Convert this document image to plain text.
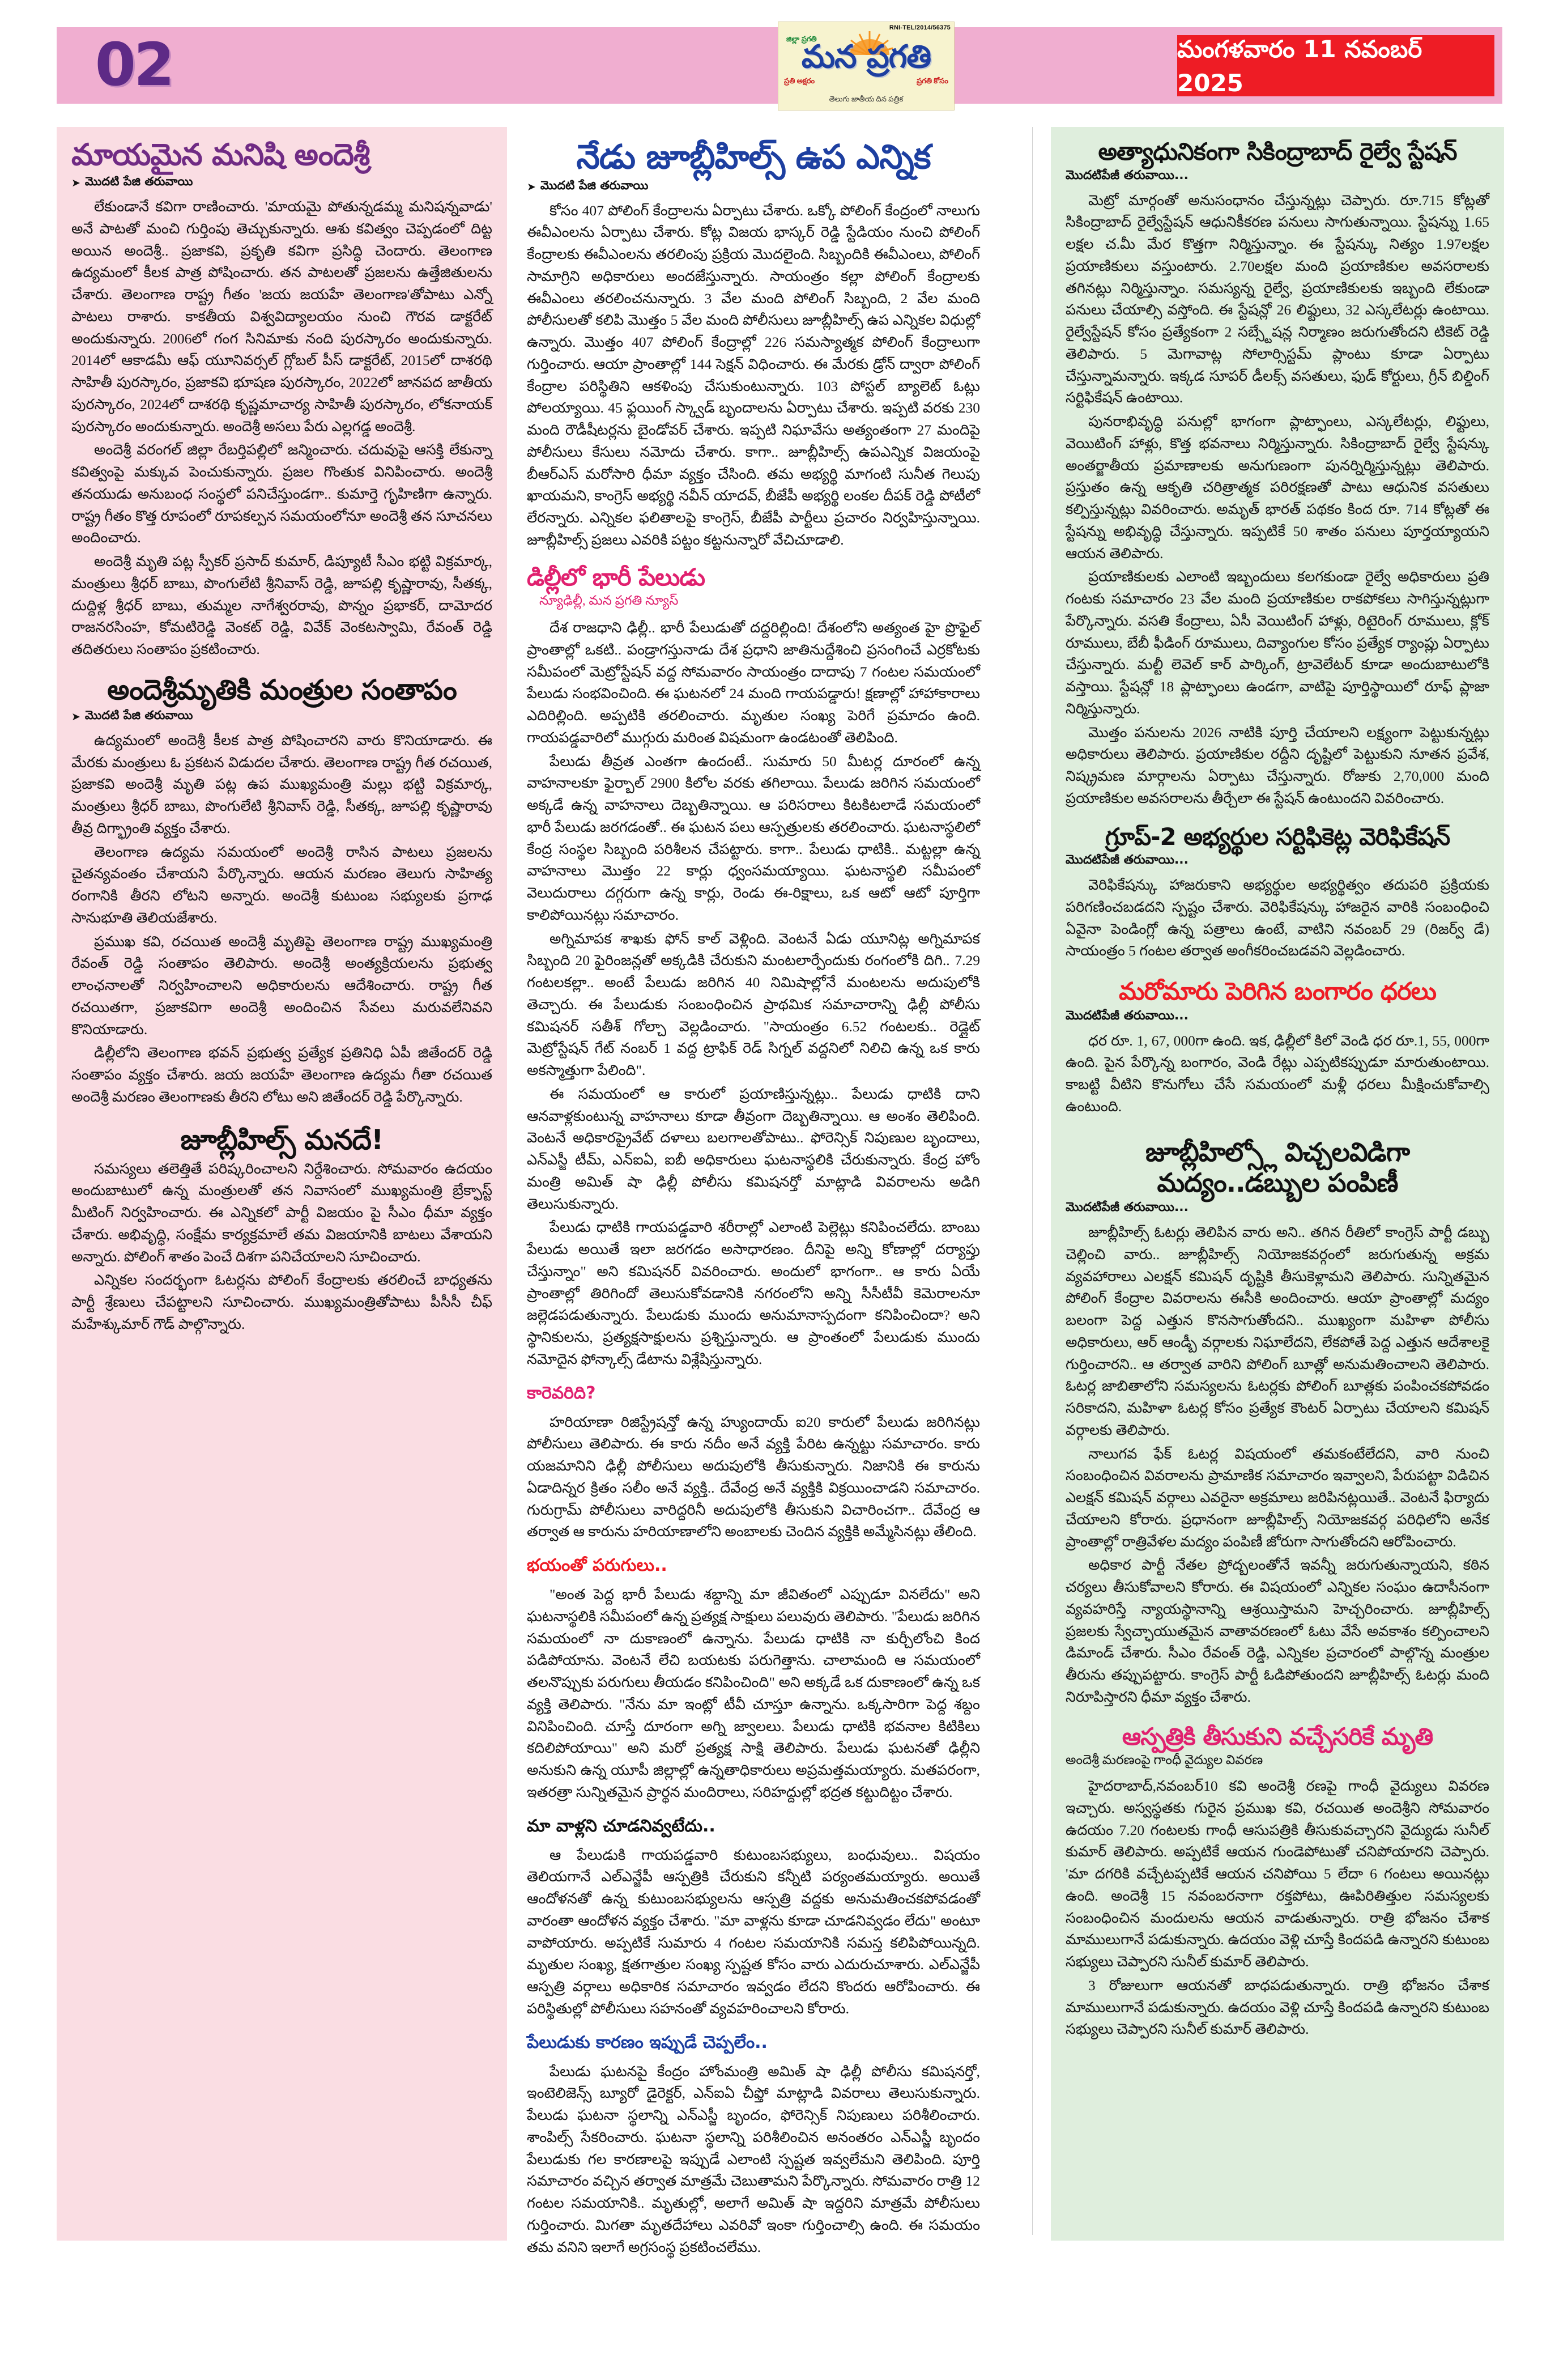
02
RNI-TEL/2014/56375
జిల్లా ప్రగతి
మన ప్రగతి
ప్రతి అక్షరం	ప్రగతి కోసం
తెలుగు జాతీయ దిన పత్రిక
మంగళవారం 11 నవంబర్ 2025
మాయమైన మనిషి అందెశ్రీ
➤ మొదటి పేజి తరువాయి

లేకుండానే కవిగా రాణించారు. 'మాయమై పోతున్నడమ్మ మనిషన్నవాడు' అనే పాటతో మంచి గుర్తింపు తెచ్చుకున్నారు. ఆశు కవిత్వం చెప్పడంలో దిట్ట అయిన అందెశ్రీ.. ప్రజాకవి, ప్రకృతి కవిగా ప్రసిద్ధి చెందారు. తెలంగాణ ఉద్యమంలో కీలక పాత్ర పోషించారు. తన పాటలతో ప్రజలను ఉత్తేజితులను చేశారు. తెలంగాణ రాష్ట్ర గీతం 'జయ జయహే తెలంగాణ'తోపాటు ఎన్నో పాటలు రాశారు. కాకతీయ విశ్వవిద్యాలయం నుంచి గౌరవ డాక్టరేట్ అందుకున్నారు. 2006లో గంగ సినిమాకు నంది పురస్కారం అందుకున్నారు. 2014లో ఆకాడమీ ఆఫ్ యూనివర్సల్ గ్లోబల్ పీస్ డాక్టరేట్, 2015లో దాశరథి సాహితీ పురస్కారం, ప్రజాకవి భూషణ పురస్కారం, 2022లో జానపద జాతీయ పురస్కారం, 2024లో దాశరథి కృష్ణమాచార్య సాహితీ పురస్కారం, లోకనాయక్ పురస్కారం అందుకున్నారు. అందెశ్రీ అసలు పేరు ఎల్లగడ్డ అందెశ్రీ.

అందెశ్రీ వరంగల్ జిల్లా రేబర్తిపల్లిలో జన్మించారు. చదువుపై ఆసక్తి లేకున్నా కవిత్వంపై మక్కువ పెంచుకున్నారు. ప్రజల గొంతుక వినిపించారు. అందెశ్రీ తనయుడు అనుబంధ సంస్థలో పనిచేస్తుండగా.. కుమార్తె గృహిణిగా ఉన్నారు. రాష్ట్ర గీతం కొత్త రూపంలో రూపకల్పన సమయంలోనూ అందెశ్రీ తన సూచనలు అందించారు.

అందెశ్రీ మృతి పట్ల స్పీకర్ ప్రసాద్ కుమార్, డిప్యూటీ సీఎం భట్టి విక్రమార్క, మంత్రులు శ్రీధర్ బాబు, పొంగులేటి శ్రీనివాస్ రెడ్డి, జూపల్లి కృష్ణారావు, సీతక్క, దుద్దిళ్ల శ్రీధర్ బాబు, తుమ్మల నాగేశ్వరరావు, పొన్నం ప్రభాకర్, దామోదర రాజనరసింహ, కోమటిరెడ్డి వెంకట్ రెడ్డి, వివేక్ వెంకటస్వామి, రేవంత్ రెడ్డి తదితరులు సంతాపం ప్రకటించారు.

అందెశ్రీమృతికి మంత్రుల సంతాపం
➤ మొదటి పేజి తరువాయి

ఉద్యమంలో అందెశ్రీ కీలక పాత్ర పోషించారని వారు కొనియాడారు. ఈ మేరకు మంత్రులు ఓ ప్రకటన విడుదల చేశారు. తెలంగాణ రాష్ట్ర గీత రచయిత, ప్రజాకవి అందెశ్రీ మృతి పట్ల ఉప ముఖ్యమంత్రి మల్లు భట్టి విక్రమార్క, మంత్రులు శ్రీధర్ బాబు, పొంగులేటి శ్రీనివాస్ రెడ్డి, సీతక్క, జూపల్లి కృష్ణారావు తీవ్ర దిగ్భ్రాంతి వ్యక్తం చేశారు.

తెలంగాణ ఉద్యమ సమయంలో అందెశ్రీ రాసిన పాటలు ప్రజలను చైతన్యవంతం చేశాయని పేర్కొన్నారు. ఆయన మరణం తెలుగు సాహిత్య రంగానికి తీరని లోటని అన్నారు. అందెశ్రీ కుటుంబ సభ్యులకు ప్రగాఢ సానుభూతి తెలియజేశారు.

ప్రముఖ కవి, రచయిత అందెశ్రీ మృతిపై తెలంగాణ రాష్ట్ర ముఖ్యమంత్రి రేవంత్ రెడ్డి సంతాపం తెలిపారు. అందెశ్రీ అంత్యక్రియలను ప్రభుత్వ లాంఛనాలతో నిర్వహించాలని అధికారులను ఆదేశించారు. రాష్ట్ర గీత రచయితగా, ప్రజాకవిగా అందెశ్రీ అందించిన సేవలు మరువలేనివని కొనియాడారు.

డిల్లీలోని తెలంగాణ భవన్ ప్రభుత్వ ప్రత్యేక ప్రతినిధి ఏపీ జితేందర్ రెడ్డి సంతాపం వ్యక్తం చేశారు. జయ జయహే తెలంగాణ ఉద్యమ గీతా రచయిత అందెశ్రీ మరణం తెలంగాణకు తీరని లోటు అని జితేందర్ రెడ్డి పేర్కొన్నారు.

జూబ్లీహిల్స్ మనదే!

సమస్యలు తలెత్తితే పరిష్కరించాలని నిర్దేశించారు. సోమవారం ఉదయం అందుబాటులో ఉన్న మంత్రులతో తన నివాసంలో ముఖ్యమంత్రి బ్రేక్ఫాస్ట్ మీటింగ్ నిర్వహించారు. ఈ ఎన్నికలో పార్టీ విజయం పై సీఎం ధీమా వ్యక్తం చేశారు. అభివృద్ధి, సంక్షేమ కార్యక్రమాలే తమ విజయానికి బాటలు వేశాయని అన్నారు. పోలింగ్ శాతం పెంచే దిశగా పనిచేయాలని సూచించారు.

ఎన్నికల సందర్భంగా ఓటర్లను పోలింగ్ కేంద్రాలకు తరలించే బాధ్యతను పార్టీ శ్రేణులు చేపట్టాలని సూచించారు. ముఖ్యమంత్రితోపాటు పీసీసీ చీఫ్ మహేశ్కుమార్ గౌడ్ పాల్గొన్నారు.

నేడు జూబ్లీహిల్స్ ఉప ఎన్నిక
➤ మొదటి పేజి తరువాయి

కోసం 407 పోలింగ్ కేంద్రాలను ఏర్పాటు చేశారు. ఒక్కో పోలింగ్ కేంద్రంలో నాలుగు ఈవీఎంలను ఏర్పాటు చేశారు. కోట్ల విజయ భాస్కర్ రెడ్డి స్టేడియం నుంచి పోలింగ్ కేంద్రాలకు ఈవీఎంలను తరలింపు ప్రక్రియ మొదలైంది. సిబ్బందికి ఈవీఎంలు, పోలింగ్ సామాగ్రిని అధికారులు అందజేస్తున్నారు. సాయంత్రం కల్లా పోలింగ్ కేంద్రాలకు ఈవీఎంలు తరలించనున్నారు. 3 వేల మంది పోలింగ్ సిబ్బంది, 2 వేల మంది పోలీసులతో కలిపి మొత్తం 5 వేల మంది పోలీసులు జూబ్లీహిల్స్ ఉప ఎన్నికల విధుల్లో ఉన్నారు. మొత్తం 407 పోలింగ్ కేంద్రాల్లో 226 సమస్యాత్మక పోలింగ్ కేంద్రాలుగా గుర్తించారు. ఆయా ప్రాంతాల్లో 144 సెక్షన్ విధించారు. ఈ మేరకు డ్రోన్ ద్వారా పోలింగ్ కేంద్రాల పరిస్థితిని ఆకళింపు చేసుకుంటున్నారు. 103 పోస్టల్ బ్యాలెట్ ఓట్లు పోలయ్యాయి. 45 ఫ్లయింగ్ స్క్వాడ్ బృందాలను ఏర్పాటు చేశారు. ఇప్పటి వరకు 230 మంది రౌడీషీటర్లను బైండోవర్ చేశారు. ఇప్పటి నిఘావేసు అత్యంతంగా 27 మందిపై పోలీసులు కేసులు నమోదు చేశారు. కాగా.. జూబ్లీహిల్స్ ఉపఎన్నిక విజయంపై బీఆర్ఎస్ మరోసారి ధీమా వ్యక్తం చేసింది. తమ అభ్యర్థి మాగంటి సునీత గెలుపు ఖాయమని, కాంగ్రెస్ అభ్యర్థి నవీన్ యాదవ్, బీజేపీ అభ్యర్థి లంకల దీపక్ రెడ్డి పోటీలో లేరన్నారు. ఎన్నికల ఫలితాలపై కాంగ్రెస్, బీజేపీ పార్టీలు ప్రచారం నిర్వహిస్తున్నాయి. జూబ్లీహిల్స్ ప్రజలు ఎవరికి పట్టం కట్టనున్నారో వేచిచూడాలి.

డిల్లీలో భారీ పేలుడు
న్యూఢిల్లీ, మన ప్రగతి న్యూస్

దేశ రాజధాని ఢిల్లీ.. భారీ పేలుడుతో దద్దరిల్లింది! దేశంలోని అత్యంత హై ప్రొఫైల్ ప్రాంతాల్లో ఒకటి.. పండ్రాగస్తునాడు దేశ ప్రధాని జాతినుద్దేశించి ప్రసంగించే ఎర్రకోటకు సమీపంలో మెట్రోస్టేషన్ వద్ద సోమవారం సాయంత్రం దాదాపు 7 గంటల సమయంలో పేలుడు సంభవించింది. ఈ ఘటనలో 24 మంది గాయపడ్డారు! క్షణాల్లో హాహాకారాలు ఎదిరిల్లింది. అప్పటికి తరలించారు. మృతుల సంఖ్య పెరిగే ప్రమాదం ఉంది. గాయపడ్డవారిలో ముగ్గురు మరింత విషమంగా ఉండటంతో తెలిపింది.

పేలుడు తీవ్రత ఎంతగా ఉందంటే.. సుమారు 50 మీటర్ల దూరంలో ఉన్న వాహనాలకూ ఫైర్బాల్ 2900 కిలోల వరకు తగిలాయి. పేలుడు జరిగిన సమయంలో అక్కడే ఉన్న వాహనాలు దెబ్బతిన్నాయి. ఆ పరిసరాలు కిటకిటలాడే సమయంలో భారీ పేలుడు జరగడంతో.. ఈ ఘటన పలు ఆస్పత్రులకు తరలించారు. ఘటనాస్థలిలో కేంద్ర సంస్థల సిబ్బంది పరిశీలన చేపట్టారు. కాగా.. పేలుడు ధాటికి.. మట్టల్లా ఉన్న వాహనాలు మొత్తం 22 కార్లు ధ్వంసమయ్యాయి. ఘటనాస్థలి సమీపంలో వెలుదురాలు దగ్గరుగా ఉన్న కార్లు, రెండు ఈ-రిక్షాలు, ఒక ఆటో ఆటో పూర్తిగా కాలిపోయినట్లు సమాచారం.

అగ్నిమాపక శాఖకు ఫోన్ కాల్ వెళ్లింది. వెంటనే ఏడు యూనిట్ల అగ్నిమాపక సిబ్బంది 20 ఫైరింజన్లతో అక్కడికి చేరుకుని మంటలార్పేందుకు రంగంలోకి దిగి.. 7.29 గంటలకల్లా.. అంటే పేలుడు జరిగిన 40 నిమిషాల్లోనే మంటలను అదుపులోకి తెచ్చారు. ఈ పేలుడుకు సంబంధించిన ప్రాథమిక సమాచారాన్ని ఢిల్లీ పోలీసు కమిషనర్ సతీశ్ గోల్చా వెల్లడించారు. "సాయంత్రం 6.52 గంటలకు.. రెడ్లైట్ మెట్రోస్టేషన్ గేట్ నంబర్ 1 వద్ద ట్రాఫిక్ రెడ్ సిగ్నల్ వద్దనిలో నిలిచి ఉన్న ఒక కారు అకస్మాత్తుగా పేలింది".

ఈ సమయంలో ఆ కారులో ప్రయాణిస్తున్నట్లు.. పేలుడు ధాటికి దాని ఆనవాళ్లకుంటున్న వాహనాలు కూడా తీవ్రంగా దెబ్బతిన్నాయి. ఆ అంశం తెలిపింది. వెంటనే అధికారప్రైవేట్ దళాలు బలగాలతోపాటు.. ఫోరెన్సిక్ నిపుణుల బృందాలు, ఎన్ఎస్జీ టీమ్, ఎన్ఐఏ, ఐబీ అధికారులు ఘటనాస్థలికి చేరుకున్నారు. కేంద్ర హోం మంత్రి అమిత్ షా ఢిల్లీ పోలీసు కమిషనర్తో మాట్లాడి వివరాలను అడిగి తెలుసుకున్నారు.

పేలుడు ధాటికి గాయపడ్డవారి శరీరాల్లో ఎలాంటి పెల్లెట్లు కనిపించలేదు. బాంబు పేలుడు అయితే ఇలా జరగడం అసాధారణం. దీనిపై అన్ని కోణాల్లో దర్యాప్తు చేస్తున్నాం" అని కమిషనర్ వివరించారు. అందులో భాగంగా.. ఆ కారు ఏయే ప్రాంతాల్లో తిరిగిందో తెలుసుకోవడానికి నగరంలోని అన్ని సీసీటీవీ కెమెరాలనూ జల్లెడపడుతున్నారు. పేలుడుకు ముందు అనుమానాస్పదంగా కనిపించిందా? అని స్థానికులను, ప్రత్యక్షసాక్షులను ప్రశ్నిస్తున్నారు. ఆ ప్రాంతంలో పేలుడుకు ముందు నమోదైన ఫోన్కాల్స్ డేటాను విశ్లేషిస్తున్నారు.

కారెవరిది?

హరియాణా రిజిస్ట్రేషన్తో ఉన్న హ్యుందాయ్ ఐ20 కారులో పేలుడు జరిగినట్లు పోలీసులు తెలిపారు. ఈ కారు నదీం అనే వ్యక్తి పేరిట ఉన్నట్టు సమాచారం. కారు యజమానిని ఢిల్లీ పోలీసులు అదుపులోకి తీసుకున్నారు. నిజానికి ఈ కారును ఏడాదిన్నర క్రితం సలీం అనే వ్యక్తి.. దేవేంద్ర అనే వ్యక్తికి విక్రయించాడని సమాచారం. గురుగ్రామ్ పోలీసులు వారిద్దరినీ అదుపులోకి తీసుకుని విచారించగా.. దేవేంద్ర ఆ తర్వాత ఆ కారును హరియాణాలోని అంబాలకు చెందిన వ్యక్తికి అమ్మేసినట్లు తేలింది.

భయంతో పరుగులు..

"అంత పెద్ద భారీ పేలుడు శబ్దాన్ని మా జీవితంలో ఎప్పుడూ వినలేదు" అని ఘటనాస్థలికి సమీపంలో ఉన్న ప్రత్యక్ష సాక్షులు పలువురు తెలిపారు. "పేలుడు జరిగిన సమయంలో నా దుకాణంలో ఉన్నాను. పేలుడు ధాటికి నా కుర్చీలోంచి కింద పడిపోయాను. వెంటనే లేచి బయటకు పరుగెత్తాను. చాలామంది ఆ సమయంలో తలనొప్పుకు పరుగులు తీయడం కనిపించింది" అని అక్కడే ఒక దుకాణంలో ఉన్న ఒక వ్యక్తి తెలిపారు. "నేను మా ఇంట్లో టీవీ చూస్తూ ఉన్నాను. ఒక్కసారిగా పెద్ద శబ్దం వినిపించింది. చూస్తే దూరంగా అగ్ని జ్వాలలు. పేలుడు ధాటికి భవనాల కిటికిలు కదిలిపోయాయి" అని మరో ప్రత్యక్ష సాక్షి తెలిపారు. పేలుడు ఘటనతో ఢిల్లీని అనుకుని ఉన్న యూపీ జిల్లాల్లో ఉన్నతాధికారులు అప్రమత్తమయ్యారు. మతపరంగా, ఇతరత్రా సున్నితమైన ప్రార్థన మందిరాలు, సరిహద్దుల్లో భద్రత కట్టుదిట్టం చేశారు.

మా వాళ్లని చూడనివ్వటేదు..

ఆ పేలుడుకి గాయపడ్డవారి కుటుంబసభ్యులు, బంధువులు.. విషయం తెలియగానే ఎల్ఎన్జేపీ ఆస్పత్రికి చేరుకుని కన్నీటి పర్యంతమయ్యారు. అయితే ఆందోళనతో ఉన్న కుటుంబసభ్యులను ఆస్పత్రి వద్దకు అనుమతించకపోవడంతో వారంతా ఆందోళన వ్యక్తం చేశారు. "మా వాళ్లను కూడా చూడనివ్వడం లేదు" అంటూ వాపోయారు. అప్పటికే సుమారు 4 గంటల సమయానికి సమస్త కలిపిపోయిన్నది. మృతుల సంఖ్య, క్షతగాత్రుల సంఖ్య స్పష్టత కోసం వారు ఎదురుచూశారు. ఎల్ఎన్జేపీ ఆస్పత్రి వర్గాలు అధికారిక సమాచారం ఇవ్వడం లేదని కొందరు ఆరోపించారు. ఈ పరిస్థితుల్లో పోలీసులు సహనంతో వ్యవహరించాలని కోరారు.

పేలుడుకు కారణం ఇప్పుడే చెప్పలేం..

పేలుడు ఘటనపై కేంద్రం హోంమంత్రి అమిత్ షా ఢిల్లీ పోలీసు కమిషనర్తో, ఇంటెలిజెన్స్ బ్యూరో డైరెక్టర్, ఎన్ఐఏ చీఫ్తో మాట్లాడి వివరాలు తెలుసుకున్నారు. పేలుడు ఘటనా స్థలాన్ని ఎన్ఎస్జీ బృందం, ఫోరెన్సిక్ నిపుణులు పరిశీలించారు. శాంపిల్స్ సేకరించారు. ఘటనా స్థలాన్ని పరిశీలించిన అనంతరం ఎన్ఎస్జీ బృందం పేలుడుకు గల కారణాలపై ఇప్పుడే ఎలాంటి స్పష్టత ఇవ్వలేమని తెలిపింది. పూర్తి సమాచారం వచ్చిన తర్వాత మాత్రమే చెబుతామని పేర్కొన్నారు. సోమవారం రాత్రి 12 గంటల సమయానికి.. మృతుల్లో, అలాగే అమిత్ షా ఇద్దరిని మాత్రమే పోలీసులు గుర్తించారు. మిగతా మృతదేహాలు ఎవరివో ఇంకా గుర్తించాల్సి ఉంది. ఈ సమయం తమ వనిని ఇలాగే అగ్రసంస్థ ప్రకటించలేము.

అత్యాధునికంగా సికింద్రాబాద్ రైల్వే స్టేషన్
మొదటిపేజీ తరువాయి...

మెట్రో మార్గంతో అనుసంధానం చేస్తున్నట్లు చెప్పారు. రూ.715 కోట్లతో సికింద్రాబాద్ రైల్వేస్టేషన్ ఆధునికీకరణ పనులు సాగుతున్నాయి. స్టేషన్ను 1.65 లక్షల చ.మీ మేర కొత్తగా నిర్మిస్తున్నాం. ఈ స్టేషన్కు నిత్యం 1.97లక్షల ప్రయాణికులు వస్తుంటారు. 2.70లక్షల మంది ప్రయాణికుల అవసరాలకు తగినట్లు నిర్మిస్తున్నాం. సమస్యన్న రైల్వే, ప్రయాణికులకు ఇబ్బంది లేకుండా పనులు చేయాల్సి వస్తోంది. ఈ స్టేషన్లో 26 లిఫ్టులు, 32 ఎస్కలేటర్లు ఉంటాయి. రైల్వేస్టేషన్ కోసం ప్రత్యేకంగా 2 సబ్స్టేషన్ల నిర్మాణం జరుగుతోందని టికెట్ రెడ్డి తెలిపారు. 5 మెగావాట్ల సోలార్సిస్టమ్ ప్లాంటు కూడా ఏర్పాటు చేస్తున్నామన్నారు. ఇక్కడ సూపర్ డీలక్స్ వసతులు, ఫుడ్ కోర్టులు, గ్రీన్ బిల్డింగ్ సర్టిఫికేషన్ ఉంటాయి.

పునరాభివృద్ధి పనుల్లో భాగంగా ప్లాట్ఫాంలు, ఎస్కలేటర్లు, లిఫ్టులు, వెయిటింగ్ హాళ్లు, కొత్త భవనాలు నిర్మిస్తున్నారు. సికింద్రాబాద్ రైల్వే స్టేషన్కు అంతర్జాతీయ ప్రమాణాలకు అనుగుణంగా పునర్నిర్మిస్తున్నట్లు తెలిపారు. ప్రస్తుతం ఉన్న ఆకృతి చరిత్రాత్మక పరిరక్షణతో పాటు ఆధునిక వసతులు కల్పిస్తున్నట్లు వివరించారు. అమృత్ భారత్ పథకం కింద రూ. 714 కోట్లతో ఈ స్టేషన్ను అభివృద్ధి చేస్తున్నారు. ఇప్పటికే 50 శాతం పనులు పూర్తయ్యాయని ఆయన తెలిపారు.

ప్రయాణికులకు ఎలాంటి ఇబ్బందులు కలగకుండా రైల్వే అధికారులు ప్రతి గంటకు సమాచారం 23 వేల మంది ప్రయాణికుల రాకపోకలు సాగిస్తున్నట్లుగా పేర్కొన్నారు. వసతి కేంద్రాలు, ఏసీ వెయిటింగ్ హాళ్లు, రిటైరింగ్ రూములు, క్లోక్ రూములు, బేబీ ఫీడింగ్ రూములు, దివ్యాంగుల కోసం ప్రత్యేక ర్యాంప్లు ఏర్పాటు చేస్తున్నారు. మల్టీ లెవెల్ కార్ పార్కింగ్, ట్రావెలేటర్ కూడా అందుబాటులోకి వస్తాయి. స్టేషన్లో 18 ప్లాట్ఫాంలు ఉండగా, వాటిపై పూర్తిస్థాయిలో రూఫ్ ప్లాజా నిర్మిస్తున్నారు.

మొత్తం పనులను 2026 నాటికి పూర్తి చేయాలని లక్ష్యంగా పెట్టుకున్నట్లు అధికారులు తెలిపారు. ప్రయాణికుల రద్దీని దృష్టిలో పెట్టుకుని నూతన ప్రవేశ, నిష్క్రమణ మార్గాలను ఏర్పాటు చేస్తున్నారు. రోజుకు 2,70,000 మంది ప్రయాణికుల అవసరాలను తీర్చేలా ఈ స్టేషన్ ఉంటుందని వివరించారు.

గ్రూప్-2 అభ్యర్థుల సర్టిఫికెట్ల వెరిఫికేషన్
మొదటిపేజీ తరువాయి...

వెరిఫికేషన్కు హాజరుకాని అభ్యర్థుల అభ్యర్థిత్వం తదుపరి ప్రక్రియకు పరిగణించబడదని స్పష్టం చేశారు. వెరిఫికేషన్కు హాజరైన వారికి సంబంధించి ఏవైనా పెండింగ్లో ఉన్న పత్రాలు ఉంటే, వాటిని నవంబర్ 29 (రిజర్వ్ డే) సాయంత్రం 5 గంటల తర్వాత అంగీకరించబడవని వెల్లడించారు.

మరోమారు పెరిగిన బంగారం ధరలు
మొదటిపేజీ తరువాయి...

ధర రూ. 1, 67, 000గా ఉంది. ఇక, ఢిల్లీలో కిలో వెండి ధర రూ.1, 55, 000గా ఉంది. పైన పేర్కొన్న బంగారం, వెండి రేట్లు ఎప్పటికప్పుడూ మారుతుంటాయి. కాబట్టి వీటిని కొనుగోలు చేసే సమయంలో మళ్లీ ధరలు మీక్షించుకోవాల్సి ఉంటుంది.

జూబ్లీహిల్స్లో విచ్చలవిడిగా
మద్యం..డబ్బుల పంపిణీ
మొదటిపేజీ తరువాయి...

జూబ్లీహిల్స్ ఓటర్లు తెలిపిన వారు అని.. తగిన రీతిలో కాంగ్రెస్ పార్టీ డబ్బు చెల్లించి వారు.. జూబ్లీహిల్స్ నియోజకవర్గంలో జరుగుతున్న అక్రమ వ్యవహారాలు ఎలక్షన్ కమిషన్ దృష్టికి తీసుకెళ్లామని తెలిపారు. సున్నితమైన పోలింగ్ కేంద్రాల వివరాలను ఈసీకి అందించారు. ఆయా ప్రాంతాల్లో మద్యం బలంగా పెద్ద ఎత్తున కొనసాగుతోందని.. ముఖ్యంగా మహిళా పోలీసు అధికారులు, ఆర్ ఆండ్బీ వర్గాలకు నిఘాలేదని, లేకపోతే పెద్ద ఎత్తున ఆదేశాలకై గుర్తించారని.. ఆ తర్వాత వారిని పోలింగ్ బూత్లో అనుమతించాలని తెలిపారు. ఓటర్ల జాబితాలోని సమస్యలను ఓటర్లకు పోలింగ్ బూత్లకు పంపించకపోవడం సరికాదని, మహిళా ఓటర్ల కోసం ప్రత్యేక కౌంటర్ ఏర్పాటు చేయాలని కమిషన్ వర్గాలకు తెలిపారు.

నాలుగవ ఫేక్ ఓటర్ల విషయంలో తమకంటేలేదని, వారి నుంచి సంబంధించిన వివరాలను ప్రామాణిక సమాచారం ఇవ్వాలని, పేరుపట్టా విడిచిన ఎలక్షన్ కమిషన్ వర్గాలు ఎవరైనా అక్రమాలు జరిపినట్లయితే.. వెంటనే ఫిర్యాదు చేయాలని కోరారు. ప్రధానంగా జూబ్లీహిల్స్ నియోజకవర్గ పరిధిలోని అనేక ప్రాంతాల్లో రాత్రివేళల మద్యం పంపిణీ జోరుగా సాగుతోందని ఆరోపించారు.

అధికార పార్టీ నేతల ప్రోద్బలంతోనే ఇవన్నీ జరుగుతున్నాయని, కఠిన చర్యలు తీసుకోవాలని కోరారు. ఈ విషయంలో ఎన్నికల సంఘం ఉదాసీనంగా వ్యవహరిస్తే న్యాయస్థానాన్ని ఆశ్రయిస్తామని హెచ్చరించారు. జూబ్లీహిల్స్ ప్రజలకు స్వేచ్ఛాయుతమైన వాతావరణంలో ఓటు వేసే అవకాశం కల్పించాలని డిమాండ్ చేశారు. సీఎం రేవంత్ రెడ్డి, ఎన్నికల ప్రచారంలో పాల్గొన్న మంత్రుల తీరును తప్పుపట్టారు. కాంగ్రెస్ పార్టీ ఓడిపోతుందని జూబ్లీహిల్స్ ఓటర్లు మంది నిరూపిస్తారని ధీమా వ్యక్తం చేశారు.

ఆస్పత్రికి తీసుకుని వచ్చేసరికే మృతి
అందెశ్రీ మరణంపై గాంధీ వైద్యుల వివరణ

హైదరాబాద్,నవంబర్10 కవి అందెశ్రీ రణపై గాంధీ వైద్యులు వివరణ ఇచ్చారు. అస్వస్థతకు గురైన ప్రముఖ కవి, రచయిత అందెశ్రీని సోమవారం ఉదయం 7.20 గంటలకు గాంధీ ఆసుపత్రికి తీసుకువచ్చారని వైద్యుడు సునీల్ కుమార్ తెలిపారు. అప్పటికే ఆయన గుండెపోటుతో చనిపోయారని చెప్పారు. 'మా దగరికి వచ్చేటప్పటికే ఆయన చనిపోయి 5 లేదా 6 గంటలు అయినట్లు ఉంది. అందెశ్రీ 15 నవంబరనాగా రక్తపోటు, ఊపిరితిత్తుల సమస్యలకు సంబంధించిన మందులను ఆయన వాడుతున్నారు. రాత్రి భోజనం చేశాక మాములుగానే పడుకున్నారు. ఉదయం వెళ్లి చూస్తే కిందపడి ఉన్నారని కుటుంబ సభ్యులు చెప్పారని సునీల్ కుమార్ తెలిపారు.

3 రోజులుగా ఆయనతో బాధపడుతున్నారు. రాత్రి భోజనం చేశాక మాములుగానే పడుకున్నారు. ఉదయం వెళ్లి చూస్తే కిందపడి ఉన్నారని కుటుంబ సభ్యులు చెప్పారని సునీల్ కుమార్ తెలిపారు.
